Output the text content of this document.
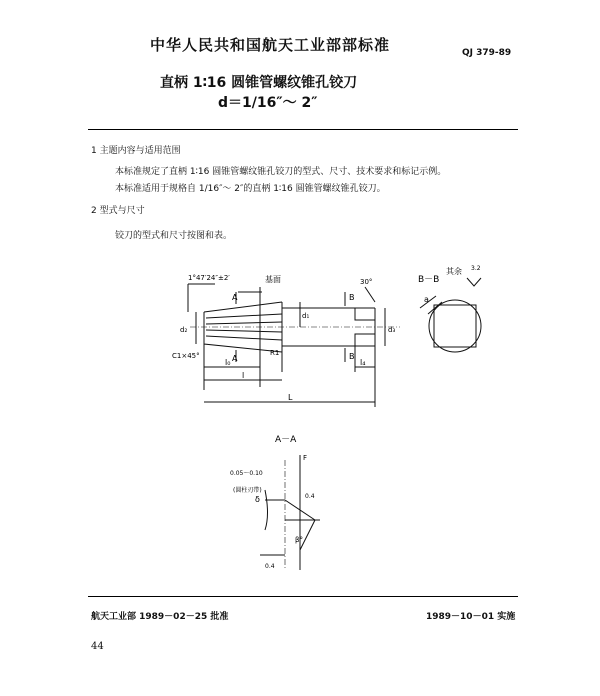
中华人民共和国航天工业部部标准	QJ 379-89
直柄 1∶16 圆锥管螺纹锥孔铰刀
d＝1/16″～ 2″
1 主题内容与适用范围
本标准规定了直柄 1∶16 圆锥管螺纹锥孔铰刀的型式、尺寸、技术要求和标记示例。
本标准适用于规格自 1/16″～ 2″的直柄 1∶16 圆锥管螺纹锥孔铰刀。
2 型式与尺寸
铰刀的型式和尺寸按图和表。
1°47′24″±2′	基面	30°
A
A
B
B
C1×45°	R1
d₂
d₁
d₃
l₀
l
L
l₄
B－B
其余 3.2
a
A－A
0.05～0.10
(圆柱刃带)
F
δ
β°
0.4
0.4
航天工业部 1989－02－25 批准	1989－10－01 实施
44
